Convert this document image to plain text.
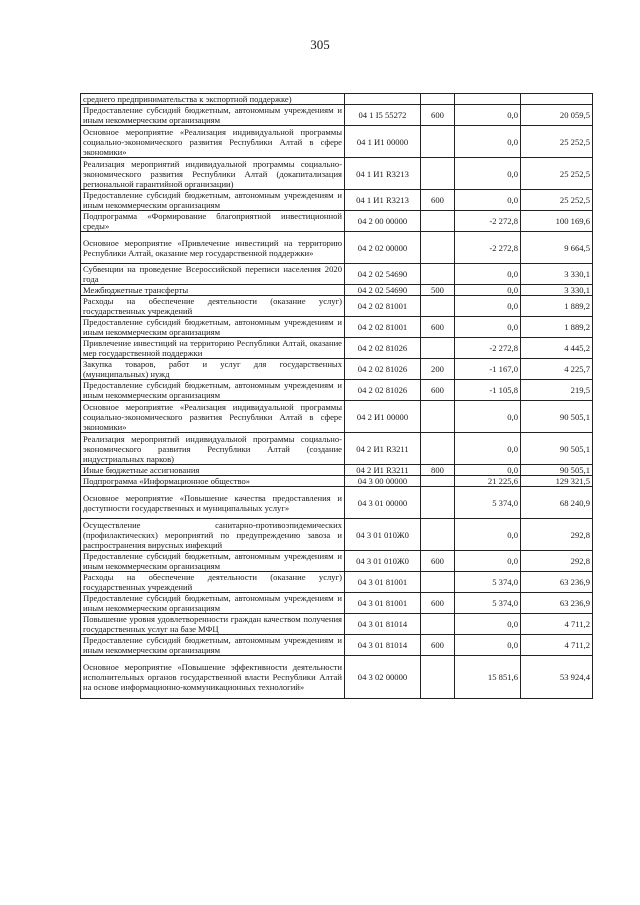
305
среднего предпринимательства к экспортной поддержке)				
Предоставление субсидий бюджетным, автономным учреждениям и иным некоммерческим организациям	04 1 I5 55272	600	0,0	20 059,5
Основное мероприятие «Реализация индивидуальной программы социально-экономического развития Республики Алтай в сфере экономики»	04 1 И1 00000		0,0	25 252,5
Реализация мероприятий индивидуальной программы социально-экономического развития Республики Алтай (докапитализация региональной гарантийной организации)	04 1 И1 R3213		0,0	25 252,5
Предоставление субсидий бюджетным, автономным учреждениям и иным некоммерческим организациям	04 1 И1 R3213	600	0,0	25 252,5
Подпрограмма «Формирование благоприятной инвестиционной среды»	04 2 00 00000		-2 272,8	100 169,6
Основное мероприятие «Привлечение инвестиций на территорию Республики Алтай, оказание мер государственной поддержки»	04 2 02 00000		-2 272,8	9 664,5
Субвенции на проведение Всероссийской переписи населения 2020 года	04 2 02 54690		0,0	3 330,1
Межбюджетные трансферты	04 2 02 54690	500	0,0	3 330,1
Расходы на обеспечение деятельности (оказание услуг) государственных учреждений	04 2 02 81001		0,0	1 889,2
Предоставление субсидий бюджетным, автономным учреждениям и иным некоммерческим организациям	04 2 02 81001	600	0,0	1 889,2
Привлечение инвестиций на территорию Республики Алтай, оказание мер государственной поддержки	04 2 02 81026		-2 272,8	4 445,2
Закупка товаров, работ и услуг для государственных (муниципальных) нужд	04 2 02 81026	200	-1 167,0	4 225,7
Предоставление субсидий бюджетным, автономным учреждениям и иным некоммерческим организациям	04 2 02 81026	600	-1 105,8	219,5
Основное мероприятие «Реализация индивидуальной программы социально-экономического развития Республики Алтай в сфере экономики»	04 2 И1 00000		0,0	90 505,1
Реализация мероприятий индивидуальной программы социально-экономического развития Республики Алтай (создание индустриальных парков)	04 2 И1 R3211		0,0	90 505,1
Иные бюджетные ассигнования	04 2 И1 R3211	800	0,0	90 505,1
Подпрограмма «Информационное общество»	04 3 00 00000		21 225,6	129 321,5
Основное мероприятие «Повышение качества предоставления и доступности государственных и муниципальных услуг»	04 3 01 00000		5 374,0	68 240,9
Осуществление санитарно-противоэпидемических (профилактических) мероприятий по предупреждению завоза и распространения вирусных инфекций	04 3 01 010Ж0		0,0	292,8
Предоставление субсидий бюджетным, автономным учреждениям и иным некоммерческим организациям	04 3 01 010Ж0	600	0,0	292,8
Расходы на обеспечение деятельности (оказание услуг) государственных учреждений	04 3 01 81001		5 374,0	63 236,9
Предоставление субсидий бюджетным, автономным учреждениям и иным некоммерческим организациям	04 3 01 81001	600	5 374,0	63 236,9
Повышение уровня удовлетворенности граждан качеством получения государственных услуг на базе МФЦ	04 3 01 81014		0,0	4 711,2
Предоставление субсидий бюджетным, автономным учреждениям и иным некоммерческим организациям	04 3 01 81014	600	0,0	4 711,2
Основное мероприятие «Повышение эффективности деятельности исполнительных органов государственной власти Республики Алтай на основе информационно-коммуникационных технологий»	04 3 02 00000		15 851,6	53 924,4
